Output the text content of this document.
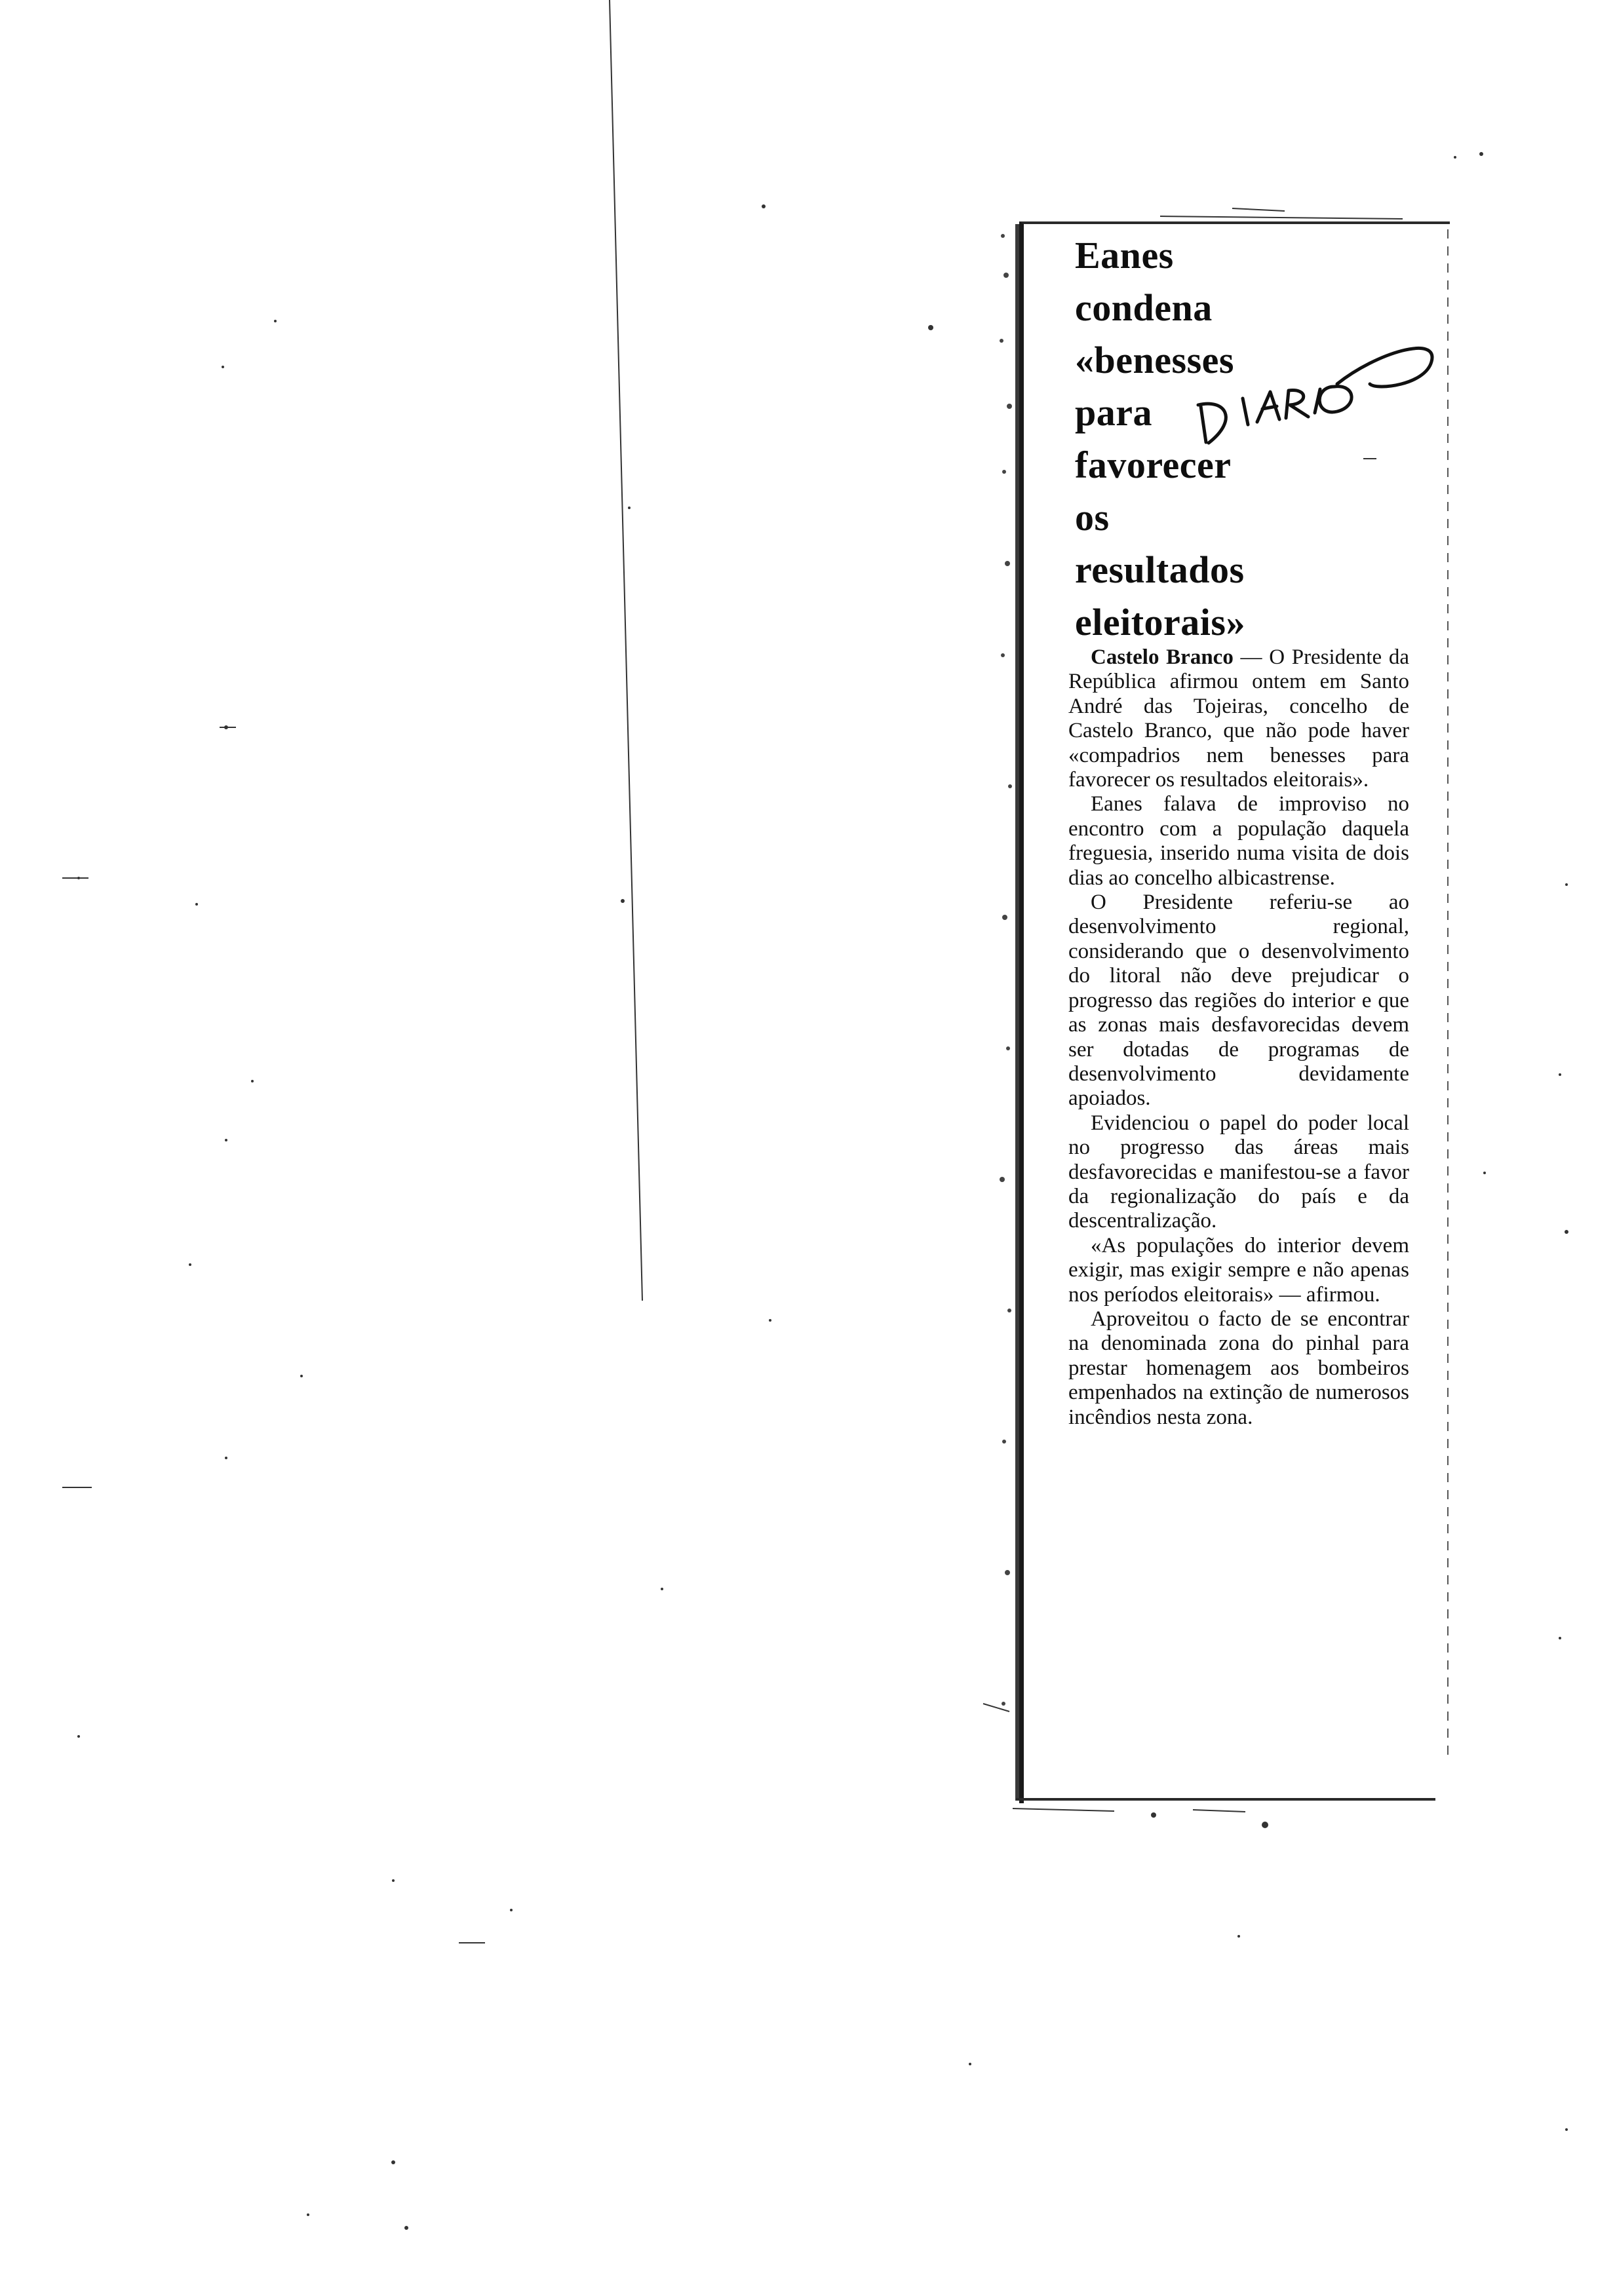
Eanes
condena
«benesses
para
favorecer
os
resultados
eleitorais»

Castelo Branco — O Presidente da República afirmou ontem em Santo André das Tojeiras, concelho de Castelo Branco, que não pode haver «compadrios nem benesses para favorecer os resultados eleitorais».

Eanes falava de improviso no encontro com a população daquela freguesia, inserido numa visita de dois dias ao concelho albicastrense.

O Presidente referiu-se ao desenvolvimento regional, considerando que o desenvolvimento do litoral não deve prejudicar o progresso das regiões do interior e que as zonas mais desfavorecidas devem ser dotadas de programas de desenvolvimento devidamente apoiados.

Evidenciou o papel do poder local no progresso das áreas mais desfavorecidas e manifestou-se a favor da regionalização do país e da descentralização.

«As populações do interior devem exigir, mas exigir sempre e não apenas nos períodos eleitorais» — afirmou.

Aproveitou o facto de se encontrar na denominada zona do pinhal para prestar homenagem aos bombeiros empenhados na extinção de numerosos incêndios nesta zona.
